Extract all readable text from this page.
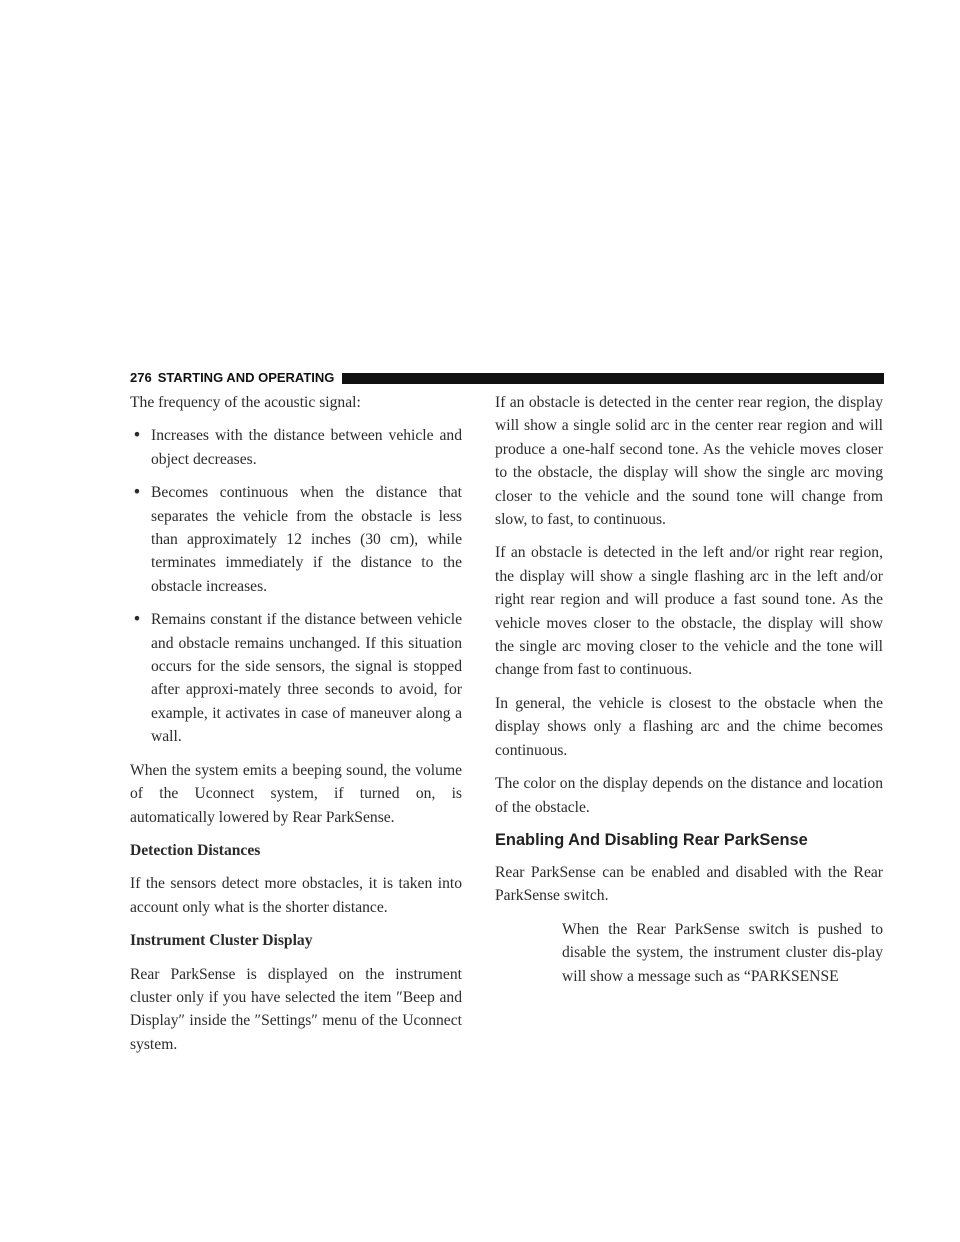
276 STARTING AND OPERATING

The frequency of the acoustic signal:

• Increases with the distance between vehicle and object decreases.
• Becomes continuous when the distance that separates the vehicle from the obstacle is less than approximately 12 inches (30 cm), while terminates immediately if the distance to the obstacle increases.
• Remains constant if the distance between vehicle and obstacle remains unchanged. If this situation occurs for the side sensors, the signal is stopped after approxi-mately three seconds to avoid, for example, it activates in case of maneuver along a wall.

When the system emits a beeping sound, the volume of the Uconnect system, if turned on, is automatically lowered by Rear ParkSense.

Detection Distances

If the sensors detect more obstacles, it is taken into account only what is the shorter distance.

Instrument Cluster Display

Rear ParkSense is displayed on the instrument cluster only if you have selected the item ″Beep and Display″ inside the ″Settings″ menu of the Uconnect system.

If an obstacle is detected in the center rear region, the display will show a single solid arc in the center rear region and will produce a one-half second tone. As the vehicle moves closer to the obstacle, the display will show the single arc moving closer to the vehicle and the sound tone will change from slow, to fast, to continuous.

If an obstacle is detected in the left and/or right rear region, the display will show a single flashing arc in the left and/or right rear region and will produce a fast sound tone. As the vehicle moves closer to the obstacle, the display will show the single arc moving closer to the vehicle and the tone will change from fast to continuous.

In general, the vehicle is closest to the obstacle when the display shows only a flashing arc and the chime becomes continuous.

The color on the display depends on the distance and location of the obstacle.

Enabling And Disabling Rear ParkSense

Rear ParkSense can be enabled and disabled with the Rear ParkSense switch.

When the Rear ParkSense switch is pushed to disable the system, the instrument cluster dis-play will show a message such as “PARKSENSE
